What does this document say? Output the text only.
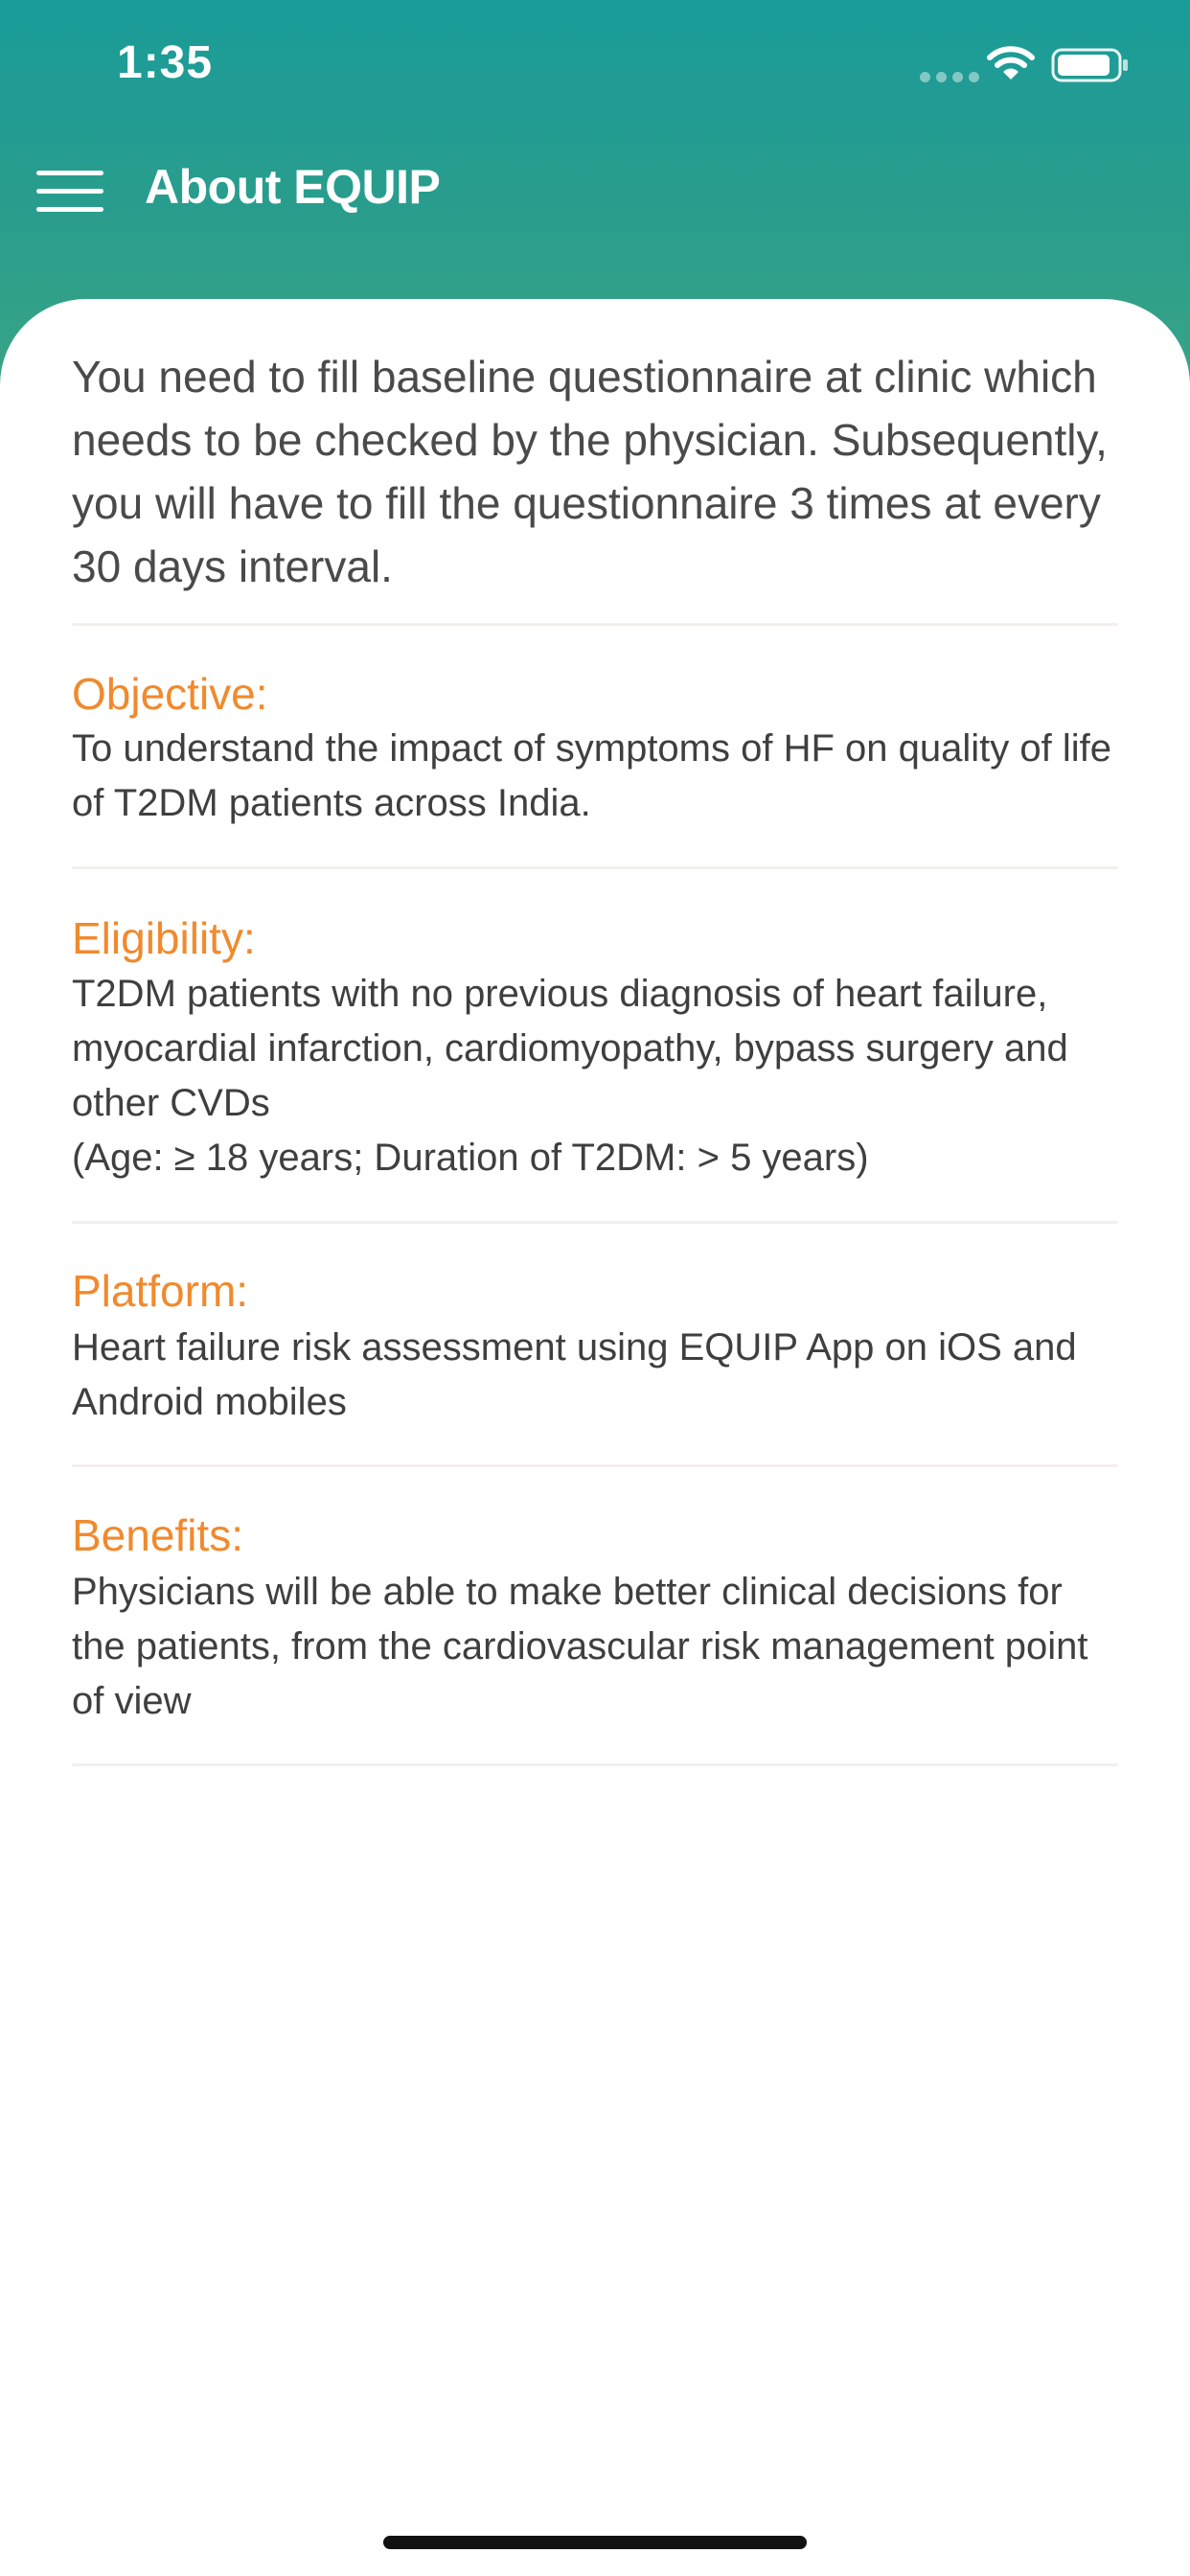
1:35
About EQUIP

You need to fill baseline questionnaire at clinic which needs to be checked by the physician. Subsequently, you will have to fill the questionnaire 3 times at every 30 days interval.

Objective:

To understand the impact of symptoms of HF on quality of life of T2DM patients across India.

Eligibility:

T2DM patients with no previous diagnosis of heart failure, myocardial infarction, cardiomyopathy, bypass surgery and other CVDs

(Age: ≥ 18 years; Duration of T2DM: > 5 years)

Platform:

Heart failure risk assessment using EQUIP App on iOS and Android mobiles

Benefits:

Physicians will be able to make better clinical decisions for the patients, from the cardiovascular risk management point of view
